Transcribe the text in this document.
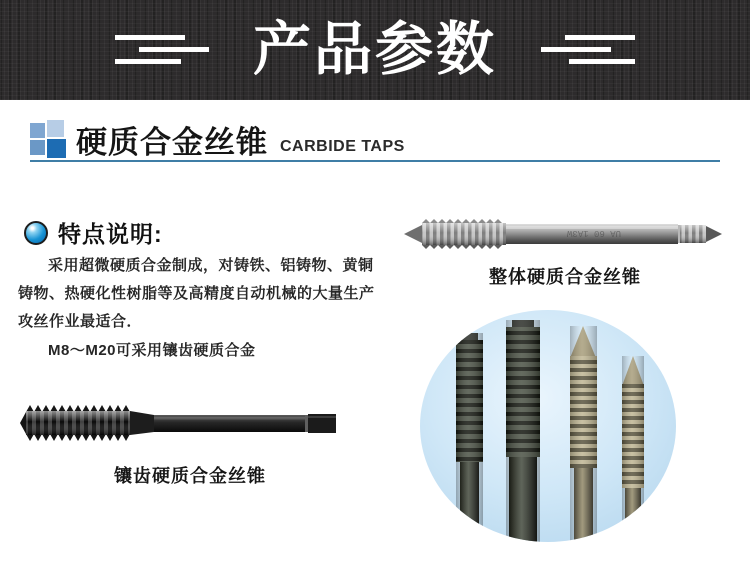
产品参数
硬质合金丝锥 CARBIDE TAPS
特点说明:

采用超微硬质合金制成，对铸铁、铝铸物、黄铜铸物、热硬化性树脂等及高精度自动机械的大量生产攻丝作业最适合．

M8～M20可采用镶齿硬质合金

UA 60 1A3W
整体硬质合金丝锥
镶齿硬质合金丝锥
